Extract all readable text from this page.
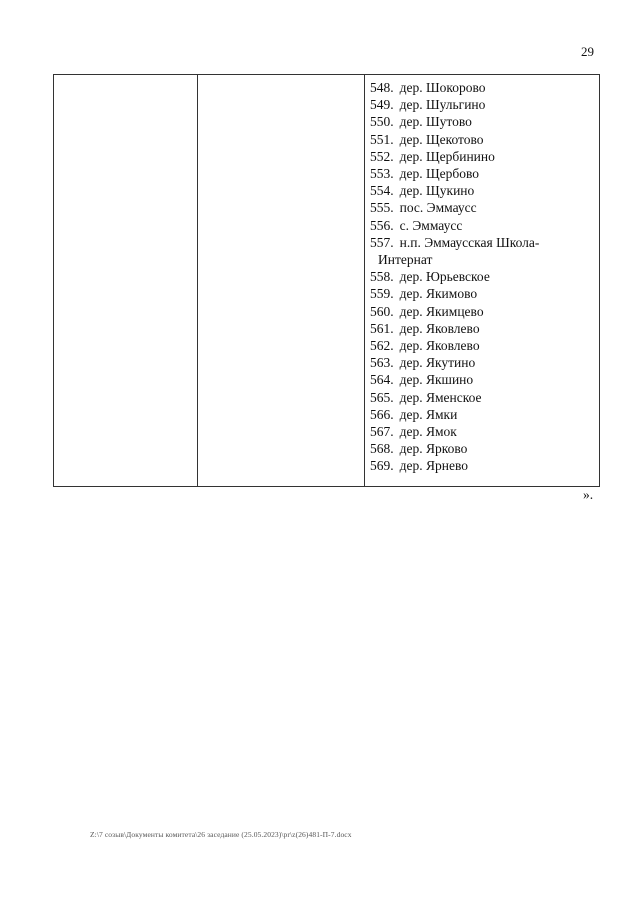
29
548. дер. Шокорово
549. дер. Шульгино
550. дер. Шутово
551. дер. Щекотово
552. дер. Щербинино
553. дер. Щербово
554. дер. Щукино
555. пос. Эммаусс
556. с. Эммаусс
557. н.п. Эммаусская Школа-
Интернат
558. дер. Юрьевское
559. дер. Якимово
560. дер. Якимцево
561. дер. Яковлево
562. дер. Яковлево
563. дер. Якутино
564. дер. Якшино
565. дер. Яменское
566. дер. Ямки
567. дер. Ямок
568. дер. Ярково
569. дер. Ярнево
».
Z:\7 созыв\Документы комитета\26 заседание (25.05.2023)\pr\z(26)481-П-7.docx
